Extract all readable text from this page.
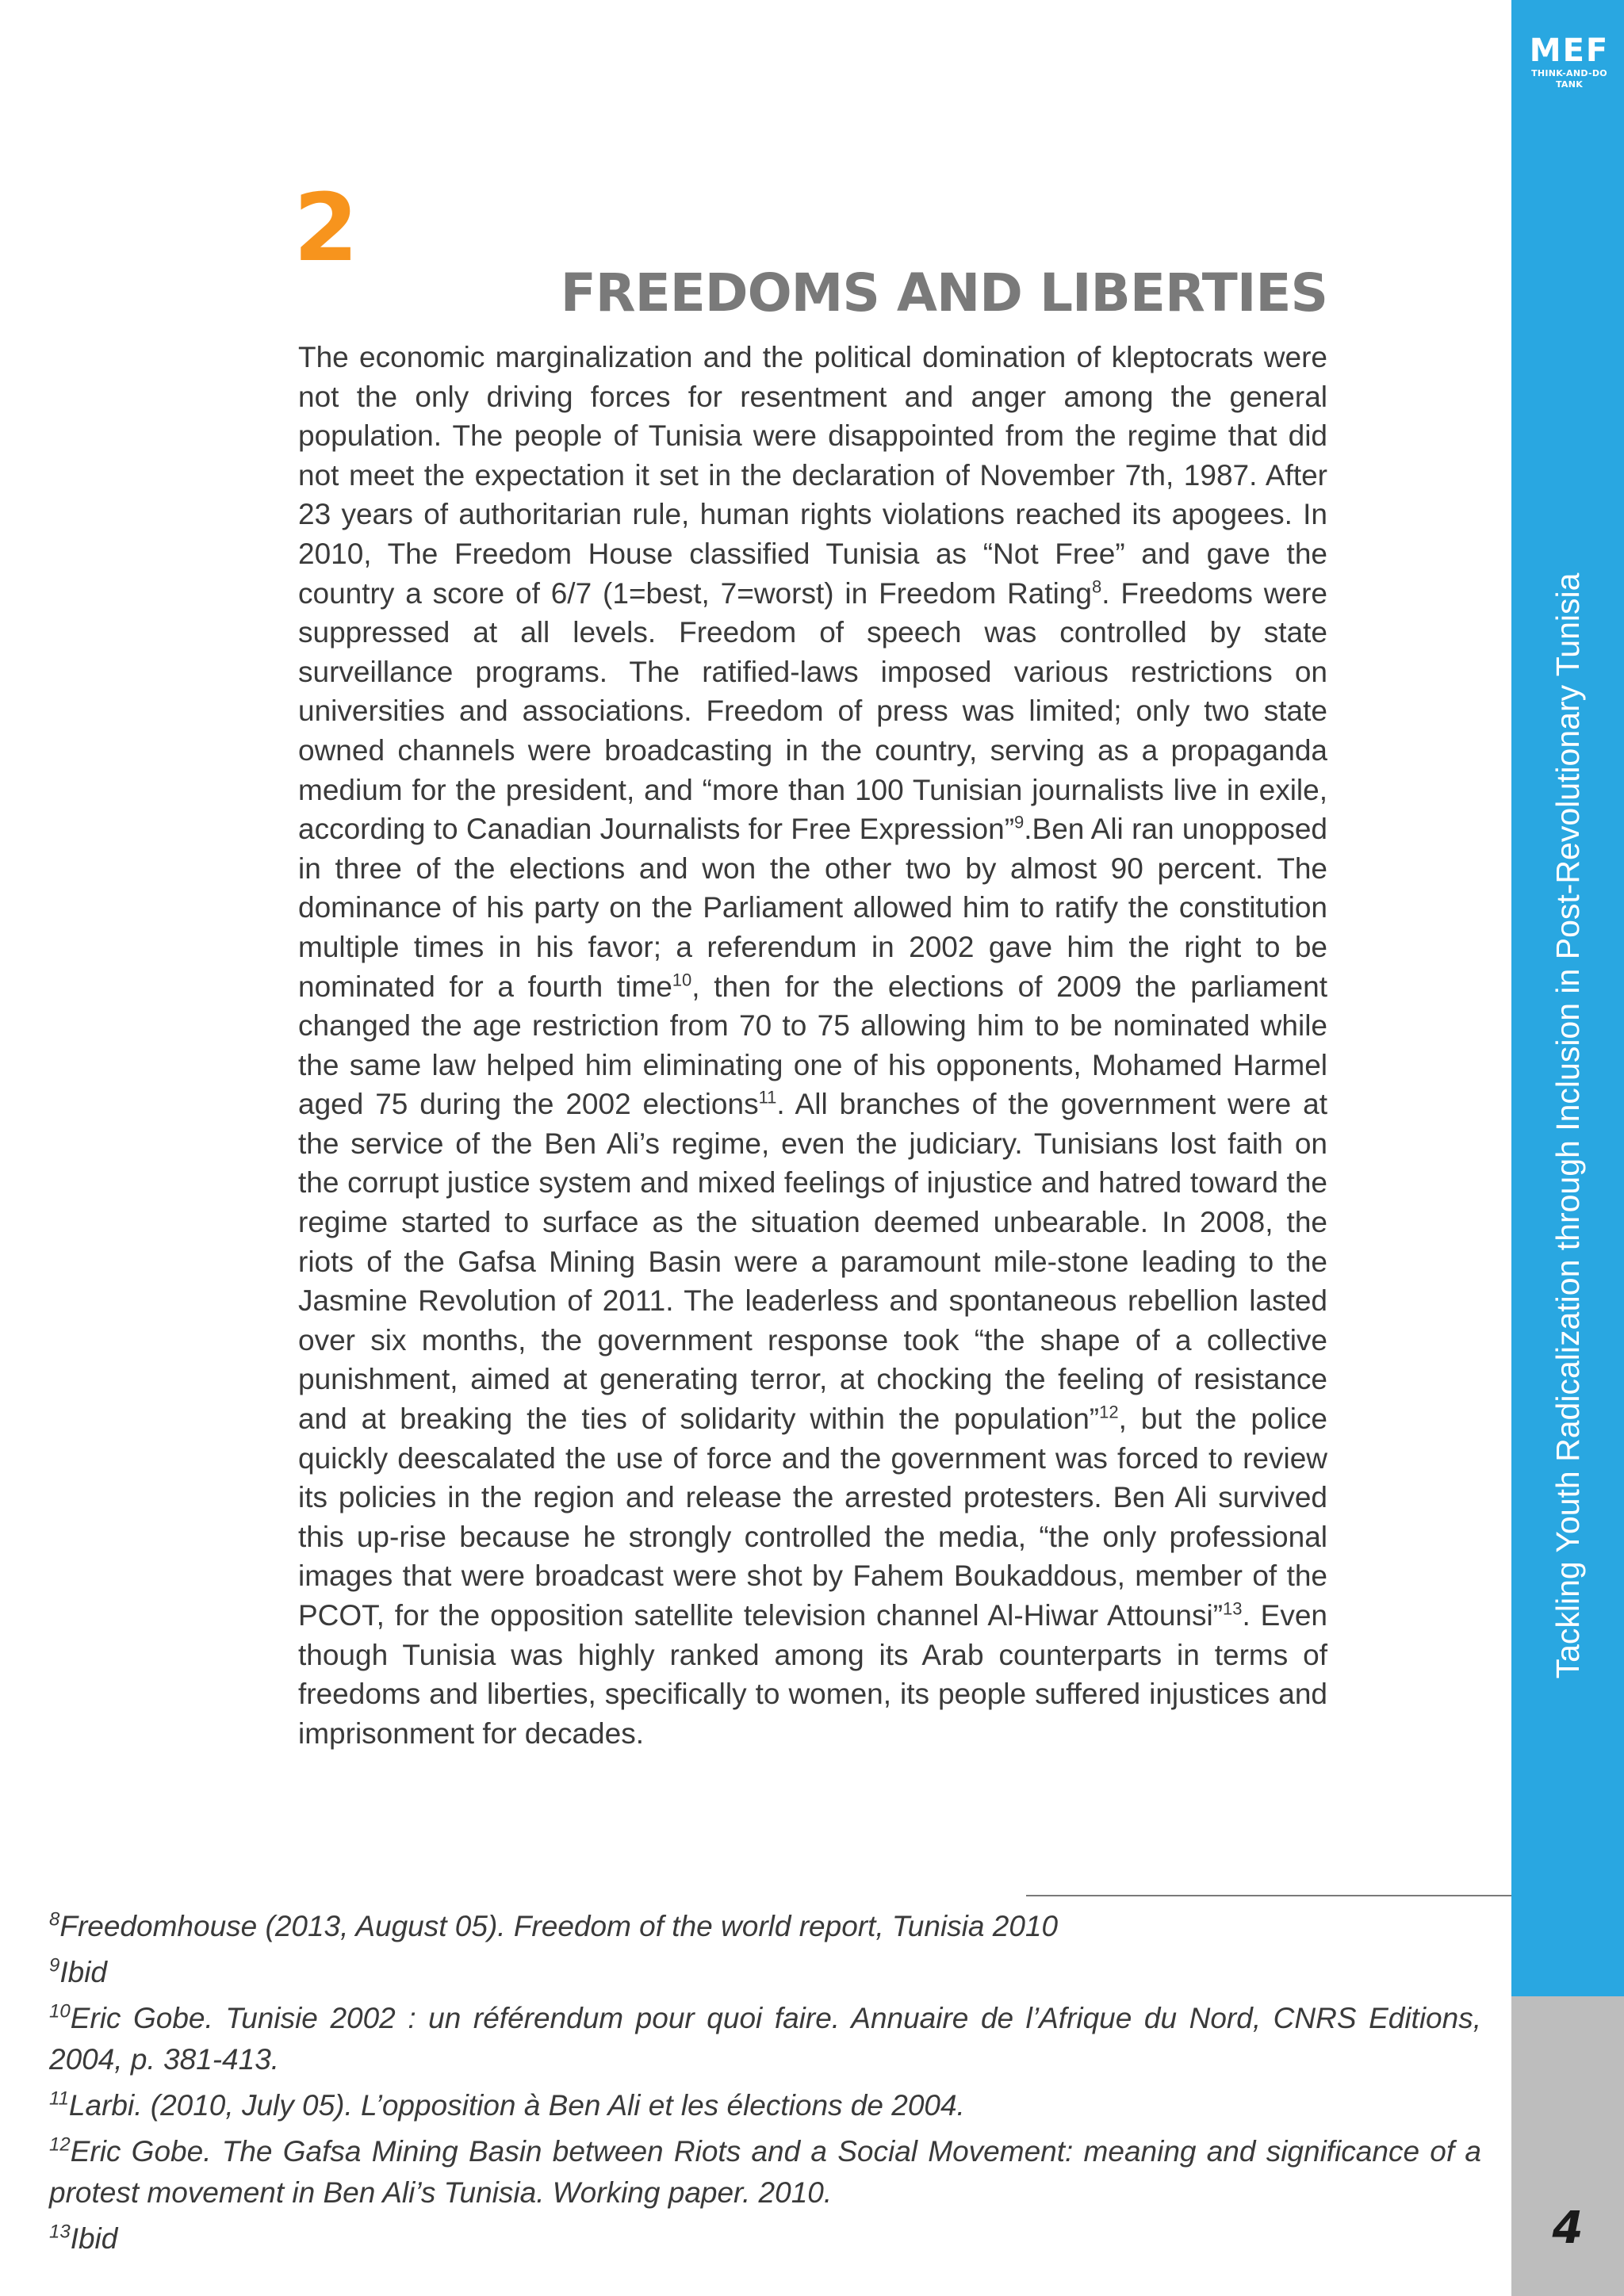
MEF
THINK-AND-DO TANK
Tackling Youth Radicalization through Inclusion in Post-Revolutionary Tunisia
4
2
FREEDOMS AND LIBERTIES
The economic marginalization and the political domination of kleptocrats were not the only driving forces for resentment and anger among the general population. The people of Tunisia were disappointed from the regime that did not meet the expectation it set in the declaration of November 7th, 1987. After 23 years of authoritarian rule, human rights violations reached its apogees. In 2010, The Freedom House classified Tunisia as “Not Free” and gave the country a score of 6/7 (1=best, 7=worst) in Freedom Rating$^8$. Freedoms were suppressed at all levels. Freedom of speech was controlled by state surveillance programs. The ratified-laws imposed various restrictions on universities and associations. Freedom of press was limited; only two state owned channels were broadcasting in the country, serving as a propaganda medium for the president, and “more than 100 Tunisian journalists live in exile, according to Canadian Journalists for Free Expression”$^9$.Ben Ali ran unopposed in three of the elections and won the other two by almost 90 percent. The dominance of his party on the Parliament allowed him to ratify the constitution multiple times in his favor; a referendum in 2002 gave him the right to be nominated for a fourth time$^{10}$, then for the elections of 2009 the parliament changed the age restriction from 70 to 75 allowing him to be nominated while the same law helped him eliminating one of his opponents, Mohamed Harmel aged 75 during the 2002 elections$^{11}$. All branches of the government were at the service of the Ben Ali’s regime, even the judiciary. Tunisians lost faith on the corrupt justice system and mixed feelings of injustice and hatred toward the regime started to surface as the situation deemed unbearable. In 2008, the riots of the Gafsa Mining Basin were a paramount mile-stone leading to the Jasmine Revolution of 2011. The leaderless and spontaneous rebellion lasted over six months, the government response took “the shape of a collective punishment, aimed at generating terror, at chocking the feeling of resistance and at breaking the ties of solidarity within the population”$^{12}$, but the police quickly deescalated the use of force and the government was forced to review its policies in the region and release the arrested protesters. Ben Ali survived this up-rise because he strongly controlled the media, “the only professional images that were broadcast were shot by Fahem Boukaddous, member of the PCOT, for the opposition satellite television channel Al-Hiwar Attounsi”$^{13}$. Even though Tunisia was highly ranked among its Arab counterparts in terms of freedoms and liberties, specifically to women, its people suffered injustices and imprisonment for decades.
$^8$Freedomhouse (2013, August 05). Freedom of the world report, Tunisia 2010
$^9$Ibid
$^{10}$Eric Gobe. Tunisie 2002 : un référendum pour quoi faire. Annuaire de l’Afrique du Nord, CNRS Editions, 2004, p. 381-413.
$^{11}$Larbi. (2010, July 05). L’opposition à Ben Ali et les élections de 2004.
$^{12}$Eric Gobe. The Gafsa Mining Basin between Riots and a Social Movement: meaning and significance of a protest movement in Ben Ali’s Tunisia. Working paper. 2010.
$^{13}$Ibid
